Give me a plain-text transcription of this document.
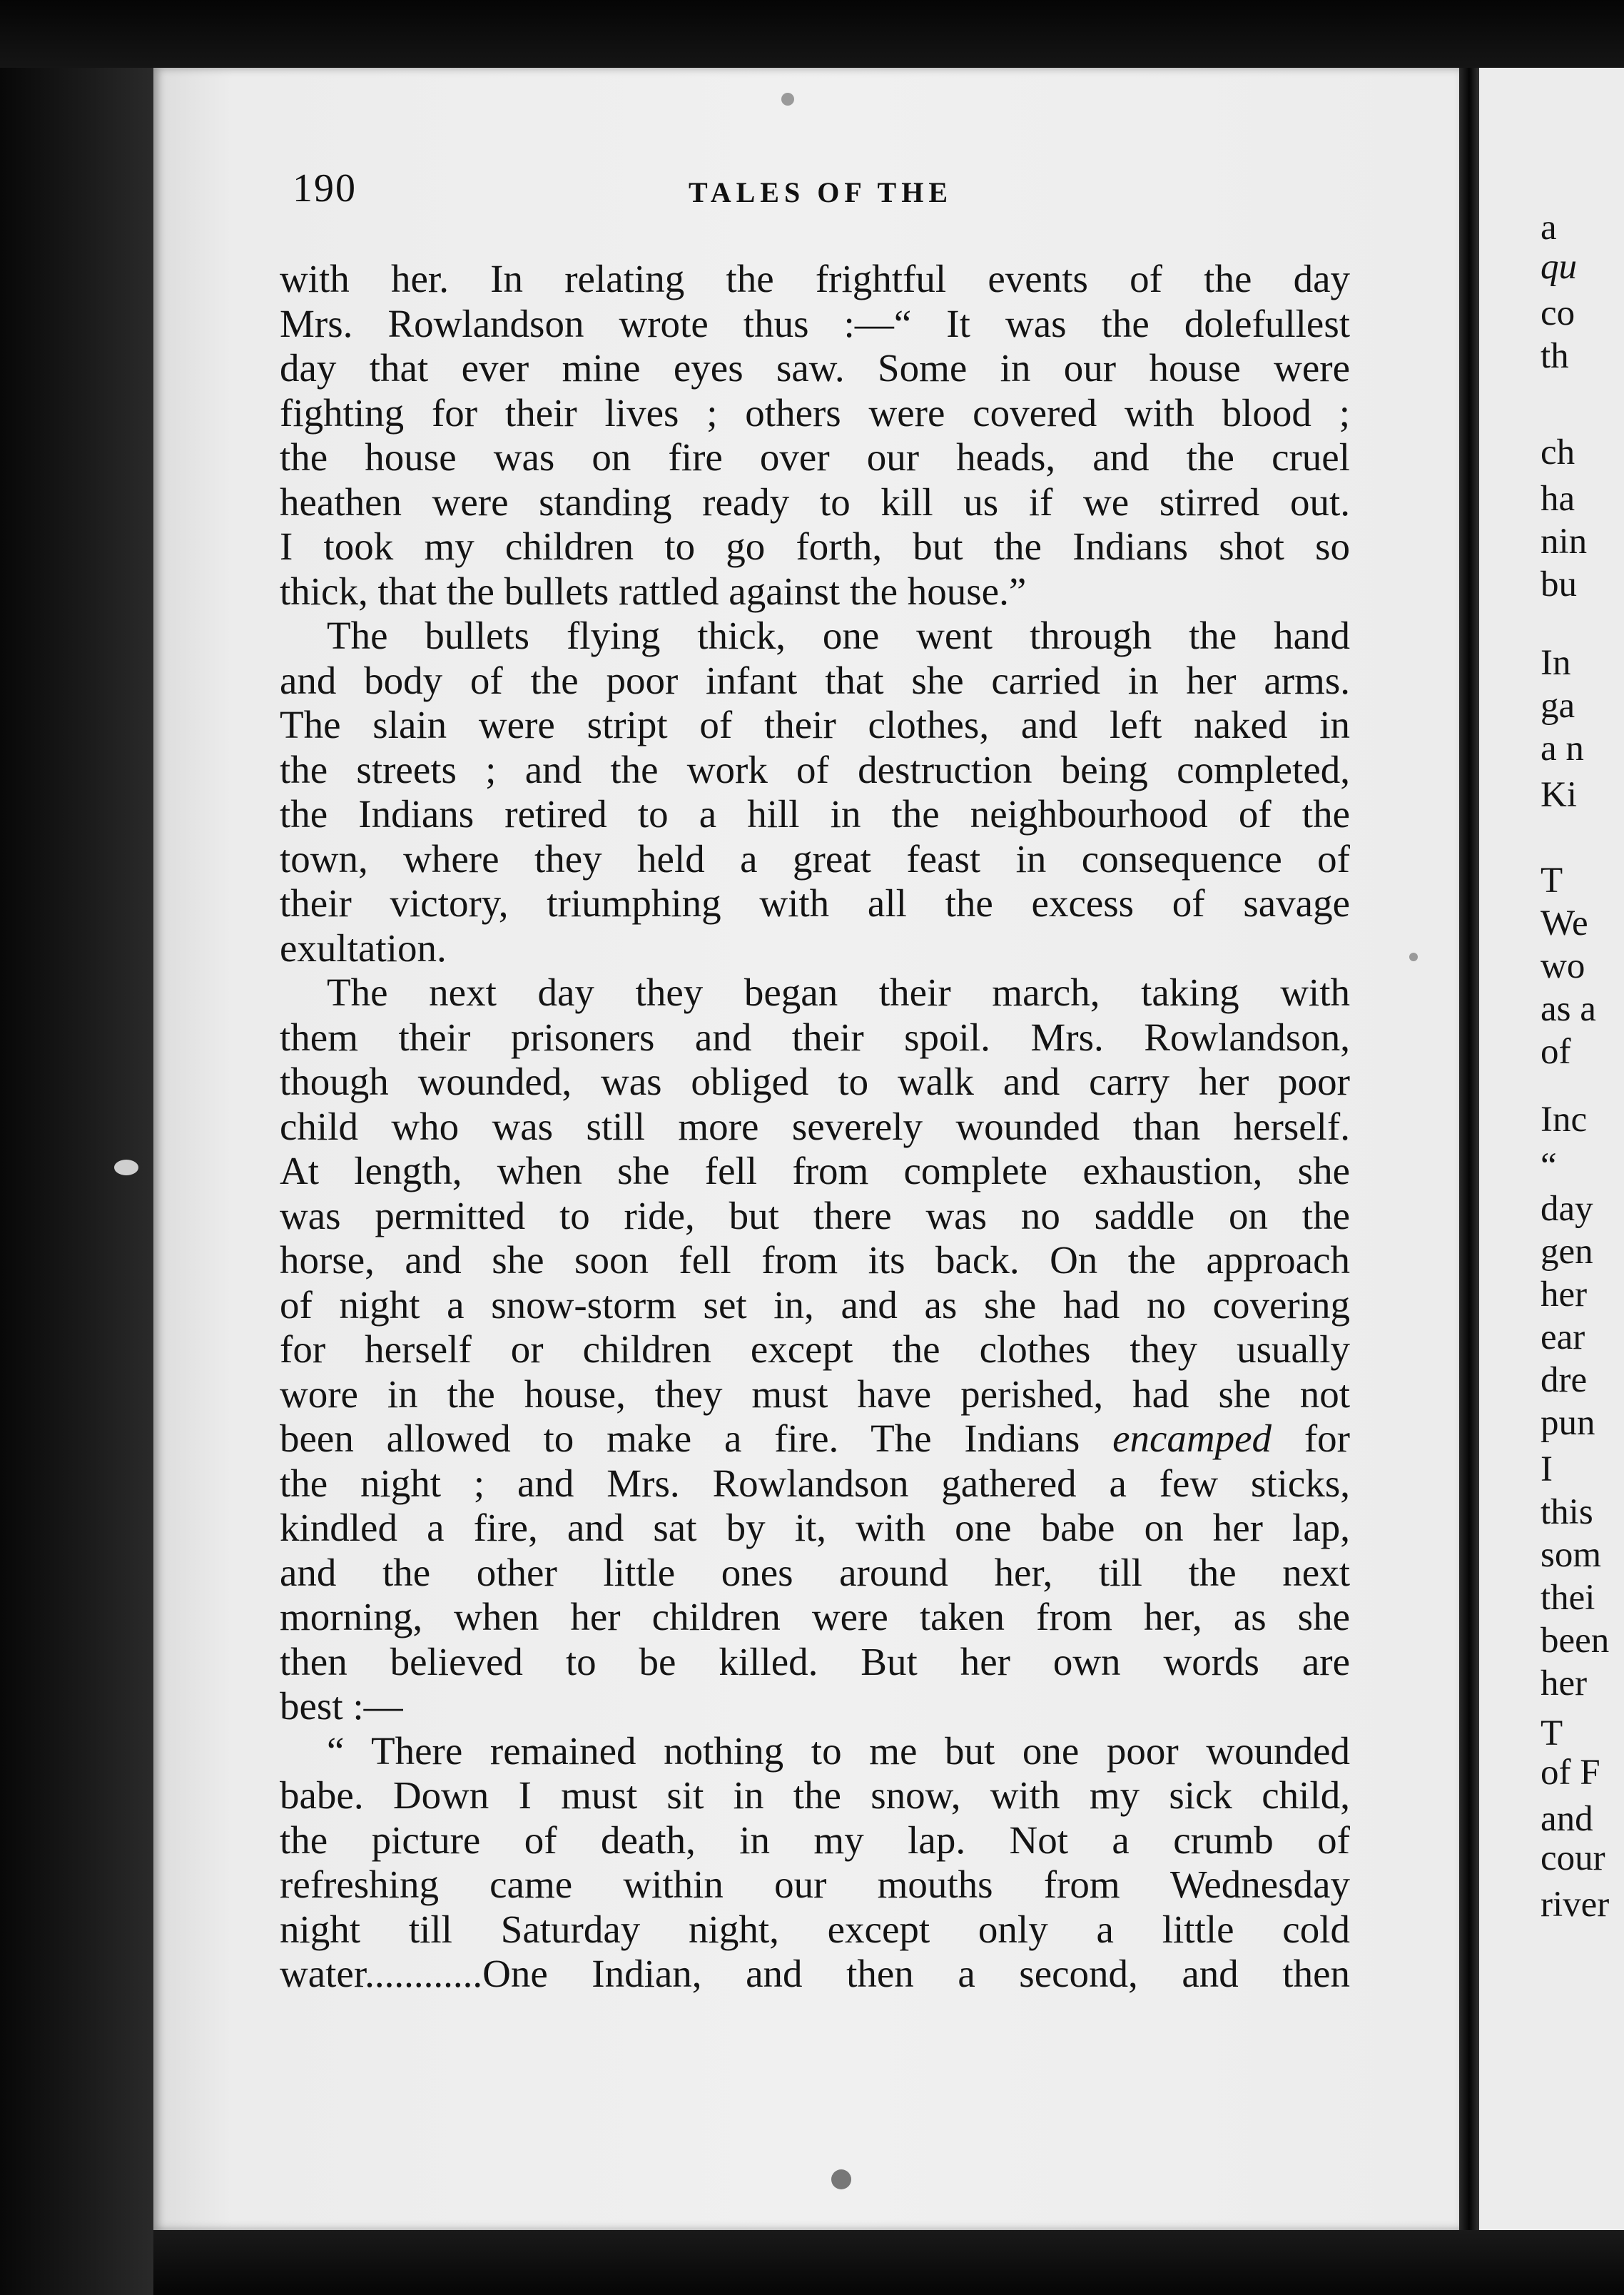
a
qu
co
th
ch
ha
nin
bu
In
ga
a n
Ki
T
We
wo
as a
of
Inc
“
day
gen
her
ear
dre
pun
I
this
som
thei
been
her
T
of F
and
cour
river
190	TALES OF THE
with her. In relating the frightful events of the day
Mrs. Rowlandson wrote thus :—“ It was the dolefullest
day that ever mine eyes saw. Some in our house were
fighting for their lives ; others were covered with blood ;
the house was on fire over our heads, and the cruel
heathen were standing ready to kill us if we stirred out.
I took my children to go forth, but the Indians shot so
thick, that the bullets rattled against the house.”
The bullets flying thick, one went through the hand
and body of the poor infant that she carried in her arms.
The slain were stript of their clothes, and left naked in
the streets ; and the work of destruction being completed,
the Indians retired to a hill in the neighbourhood of the
town, where they held a great feast in consequence of
their victory, triumphing with all the excess of savage
exultation.
The next day they began their march, taking with
them their prisoners and their spoil. Mrs. Rowlandson,
though wounded, was obliged to walk and carry her poor
child who was still more severely wounded than herself.
At length, when she fell from complete exhaustion, she
was permitted to ride, but there was no saddle on the
horse, and she soon fell from its back. On the approach
of night a snow-storm set in, and as she had no covering
for herself or children except the clothes they usually
wore in the house, they must have perished, had she not
been allowed to make a fire. The Indians encamped for
the night ; and Mrs. Rowlandson gathered a few sticks,
kindled a fire, and sat by it, with one babe on her lap,
and the other little ones around her, till the next
morning, when her children were taken from her, as she
then believed to be killed. But her own words are
best :—
“ There remained nothing to me but one poor wounded
babe. Down I must sit in the snow, with my sick child,
the picture of death, in my lap. Not a crumb of
refreshing came within our mouths from Wednesday
night till Saturday night, except only a little cold
water............One Indian, and then a second, and then
